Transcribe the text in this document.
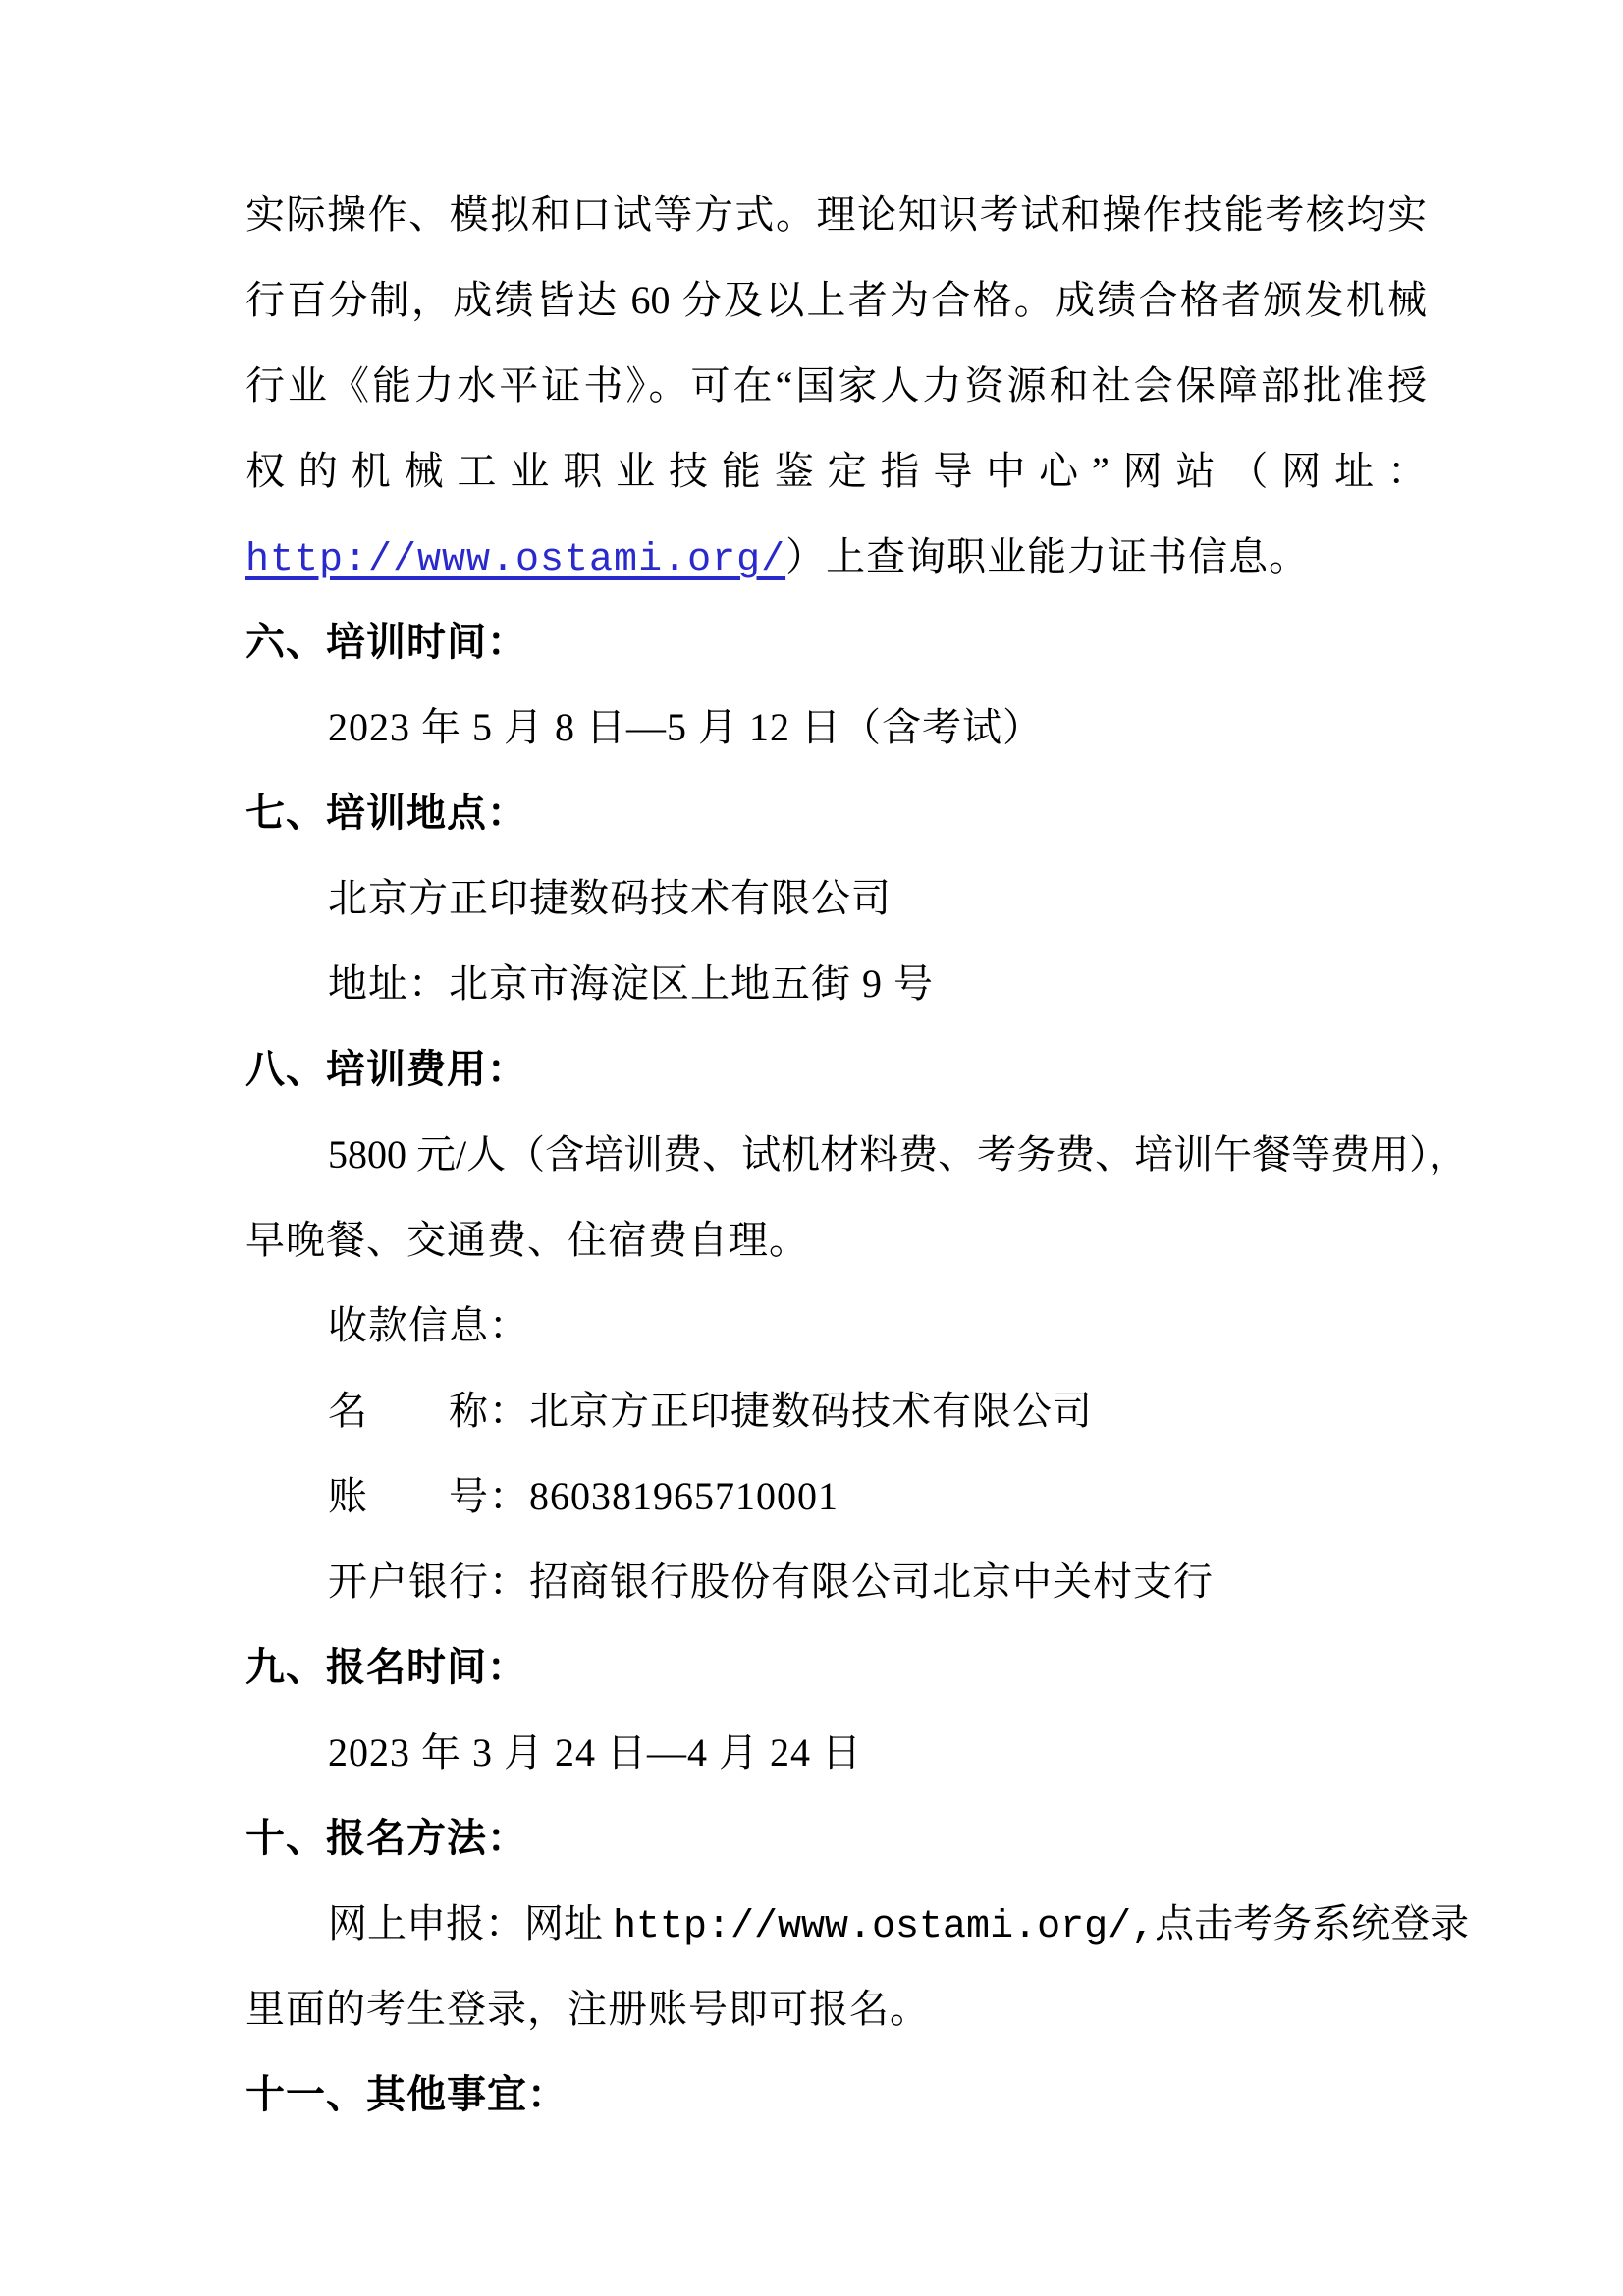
实际操作、模拟和口试等方式。理论知识考试和操作技能考核均实
行百分制，成绩皆达 60 分及以上者为合格。成绩合格者颁发机械
行业《能力水平证书》。可在“国家人力资源和社会保障部批准授
权的机械工业职业技能鉴定指导中心”网站（网址：
http://www.ostami.org/）上查询职业能力证书信息。
六、培训时间：
2023 年 5 月 8 日—5 月 12 日（含考试）
七、培训地点：
北京方正印捷数码技术有限公司
地址：北京市海淀区上地五街 9 号
八、培训费用：
5800 元/人（含培训费、试机材料费、考务费、培训午餐等费用），
早晚餐、交通费、住宿费自理。
收款信息：
名　　称：北京方正印捷数码技术有限公司
账　　号：860381965710001
开户银行：招商银行股份有限公司北京中关村支行
九、报名时间：
2023 年 3 月 24 日—4 月 24 日
十、报名方法：
网上申报：网址 http://www.ostami.org/,点击考务系统登录
里面的考生登录，注册账号即可报名。
十一、其他事宜：
